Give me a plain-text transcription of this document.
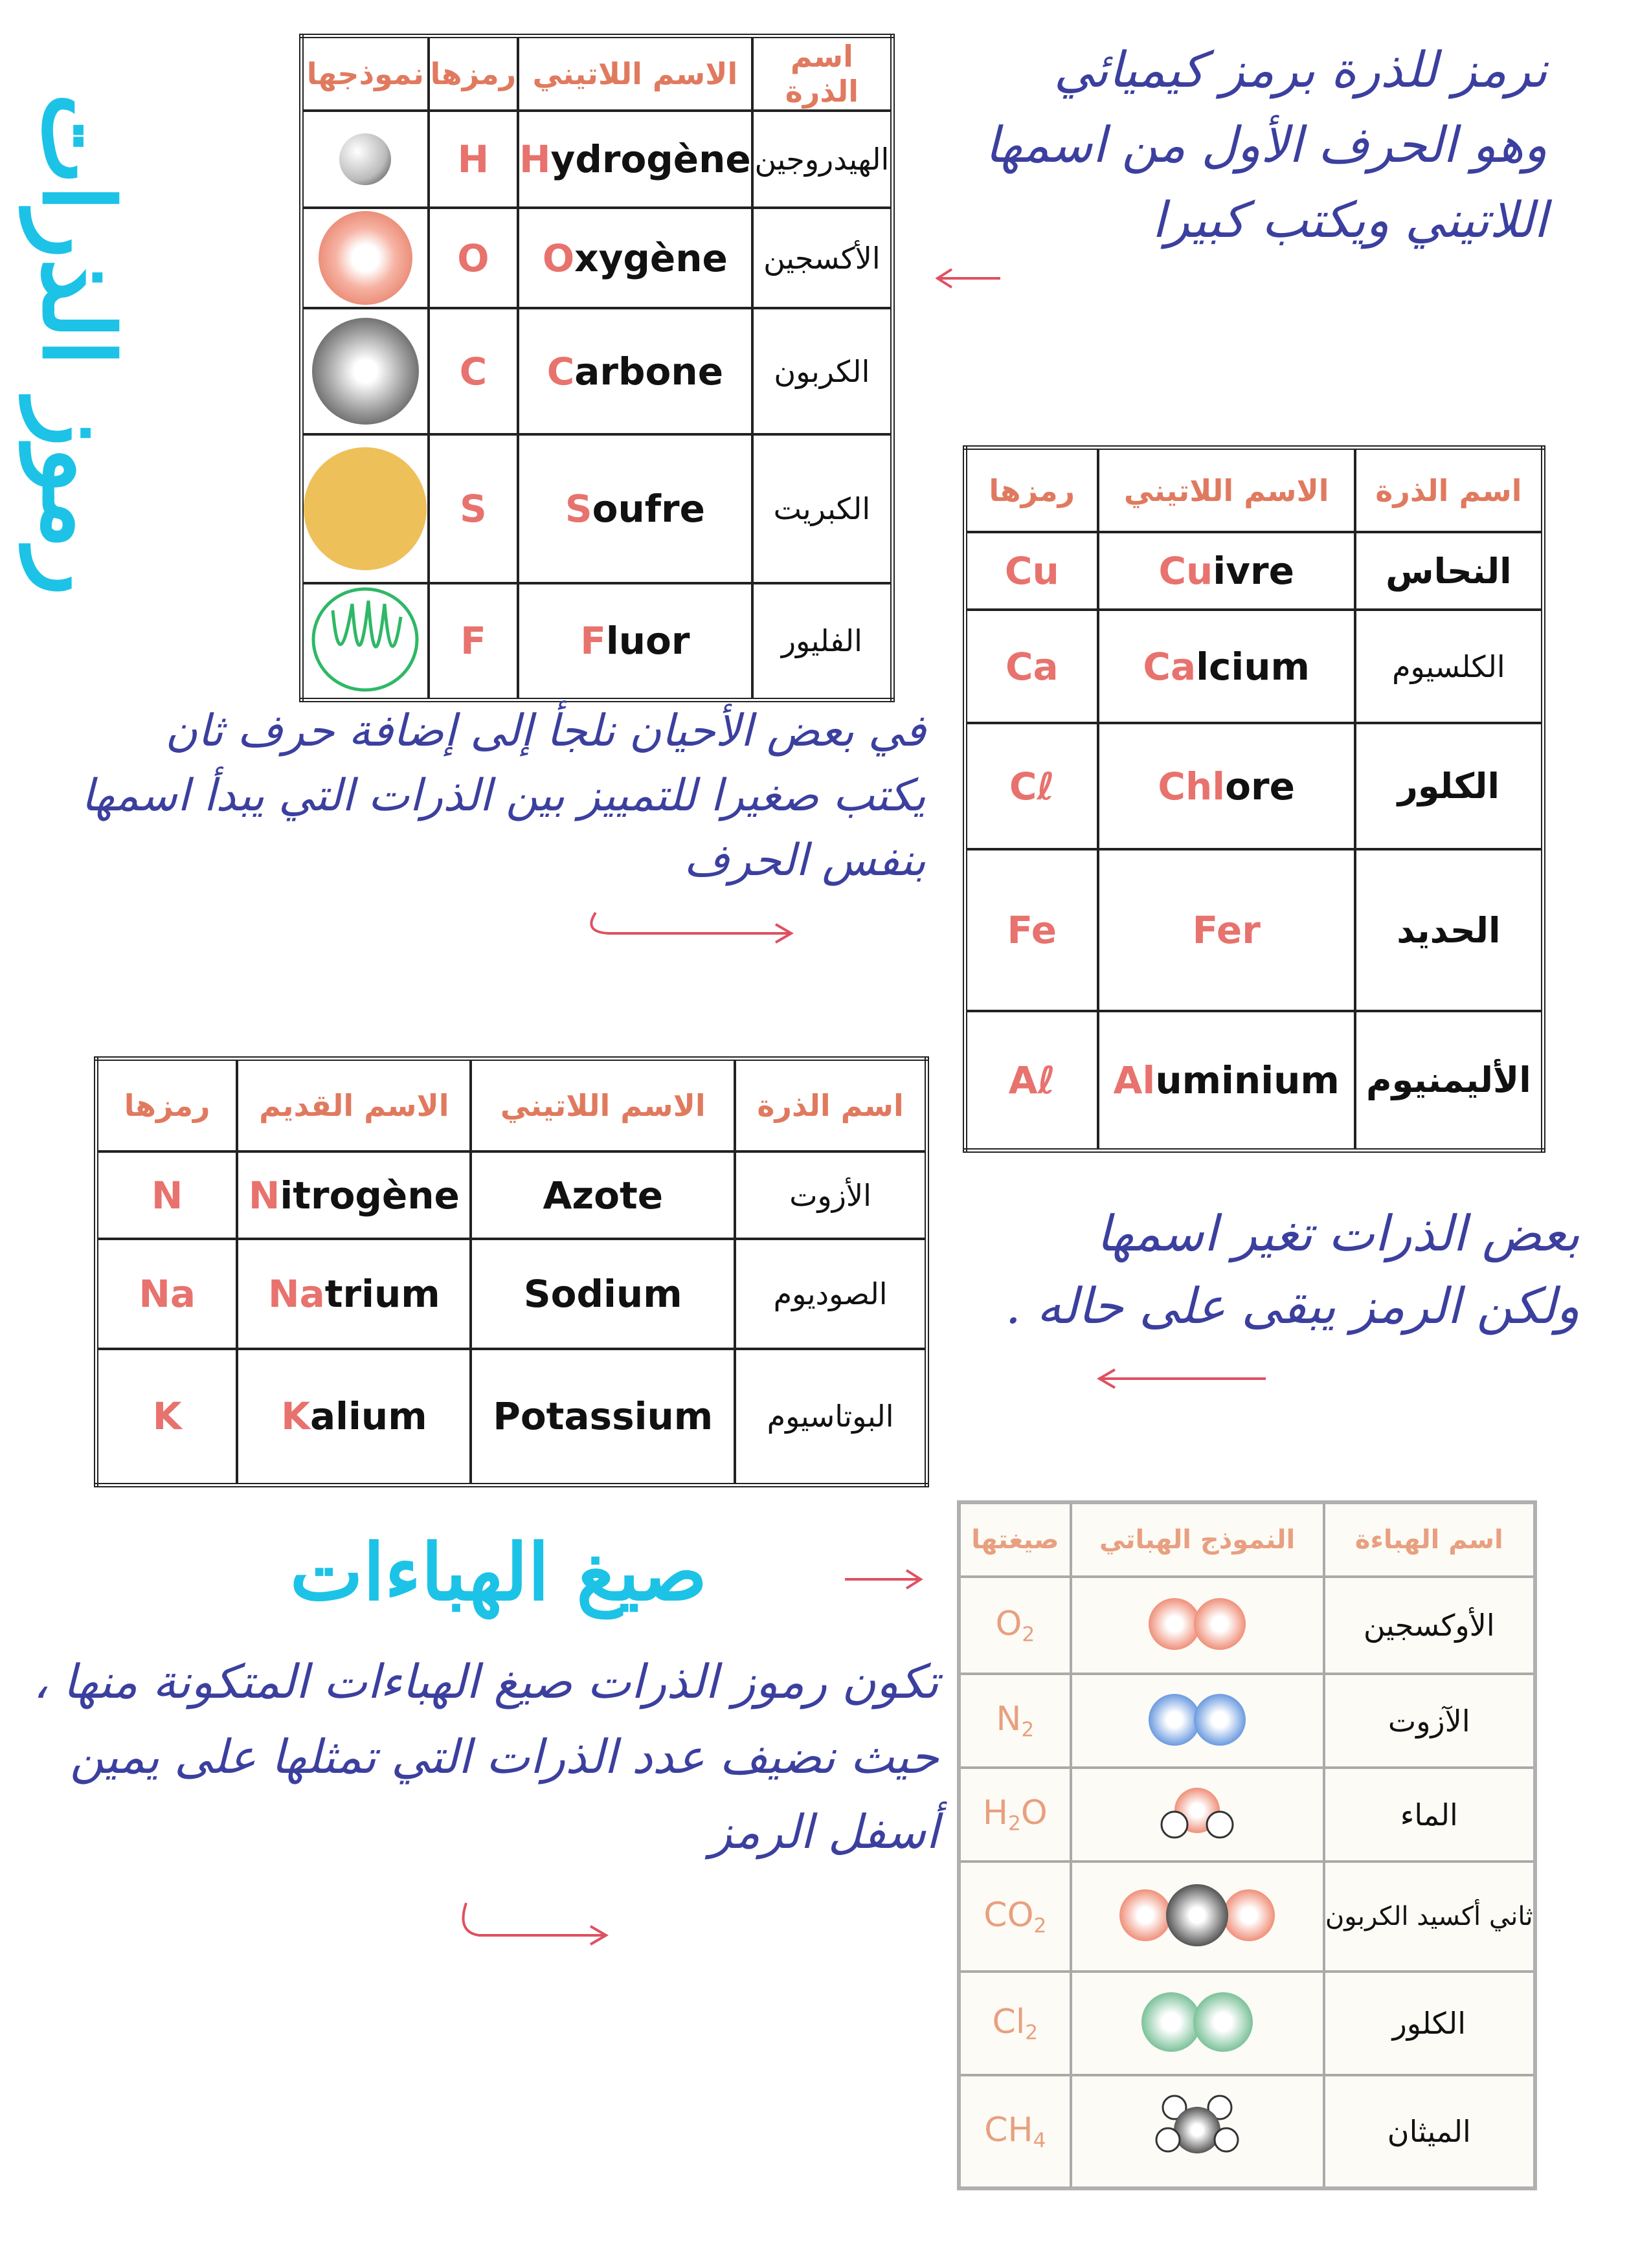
رموز الذرات
اسم الذرة	الاسم اللاتيني	رمزها	نموذجها
الهيدروجين	Hydrogène	H	

الأكسجين	Oxygène	O	

الكربون	Carbone	C	

الكبريت	Soufre	S	

الفليور	Fluor	F	
نرمز للذرة برمز كيميائي وهو الحرف الأول من اسمها اللاتيني ويكتب كبيرا
اسم الذرة	الاسم اللاتيني	رمزها
النحاس	Cuivre	Cu
الكلسيوم	Calcium	Ca
الكلور	Chlore	Cℓ
الحديد	Fer	Fe
الأليمنيوم	Aluminium	Aℓ
في بعض الأحيان نلجأ إلى إضافة حرف ثان يكتب صغيرا للتمييز بين الذرات التي يبدأ اسمها بنفس الحرف
اسم الذرة	الاسم اللاتيني	الاسم القديم	رمزها
الأزوت	Azote	Nitrogène	N
الصوديوم	Sodium	Natrium	Na
البوتاسيوم	Potassium	Kalium	K
بعض الذرات تغير اسمها ولكن الرمز يبقى على حاله .
صيغ الهباءات
تكون رموز الذرات صيغ الهباءات المتكونة منها ، حيث نضيف عدد الذرات التي تمثلها على يمين أسفل الرمز
اسم الهباءة	النموذج الهباتي	صيغتها
الأوكسجين		$O_2$
الآزوت		$N_2$
الماء		$H_2O$
ثاني أكسيد الكربون		$CO_2$
الكلور		$Cl_2$
الميثان		$CH_4$
